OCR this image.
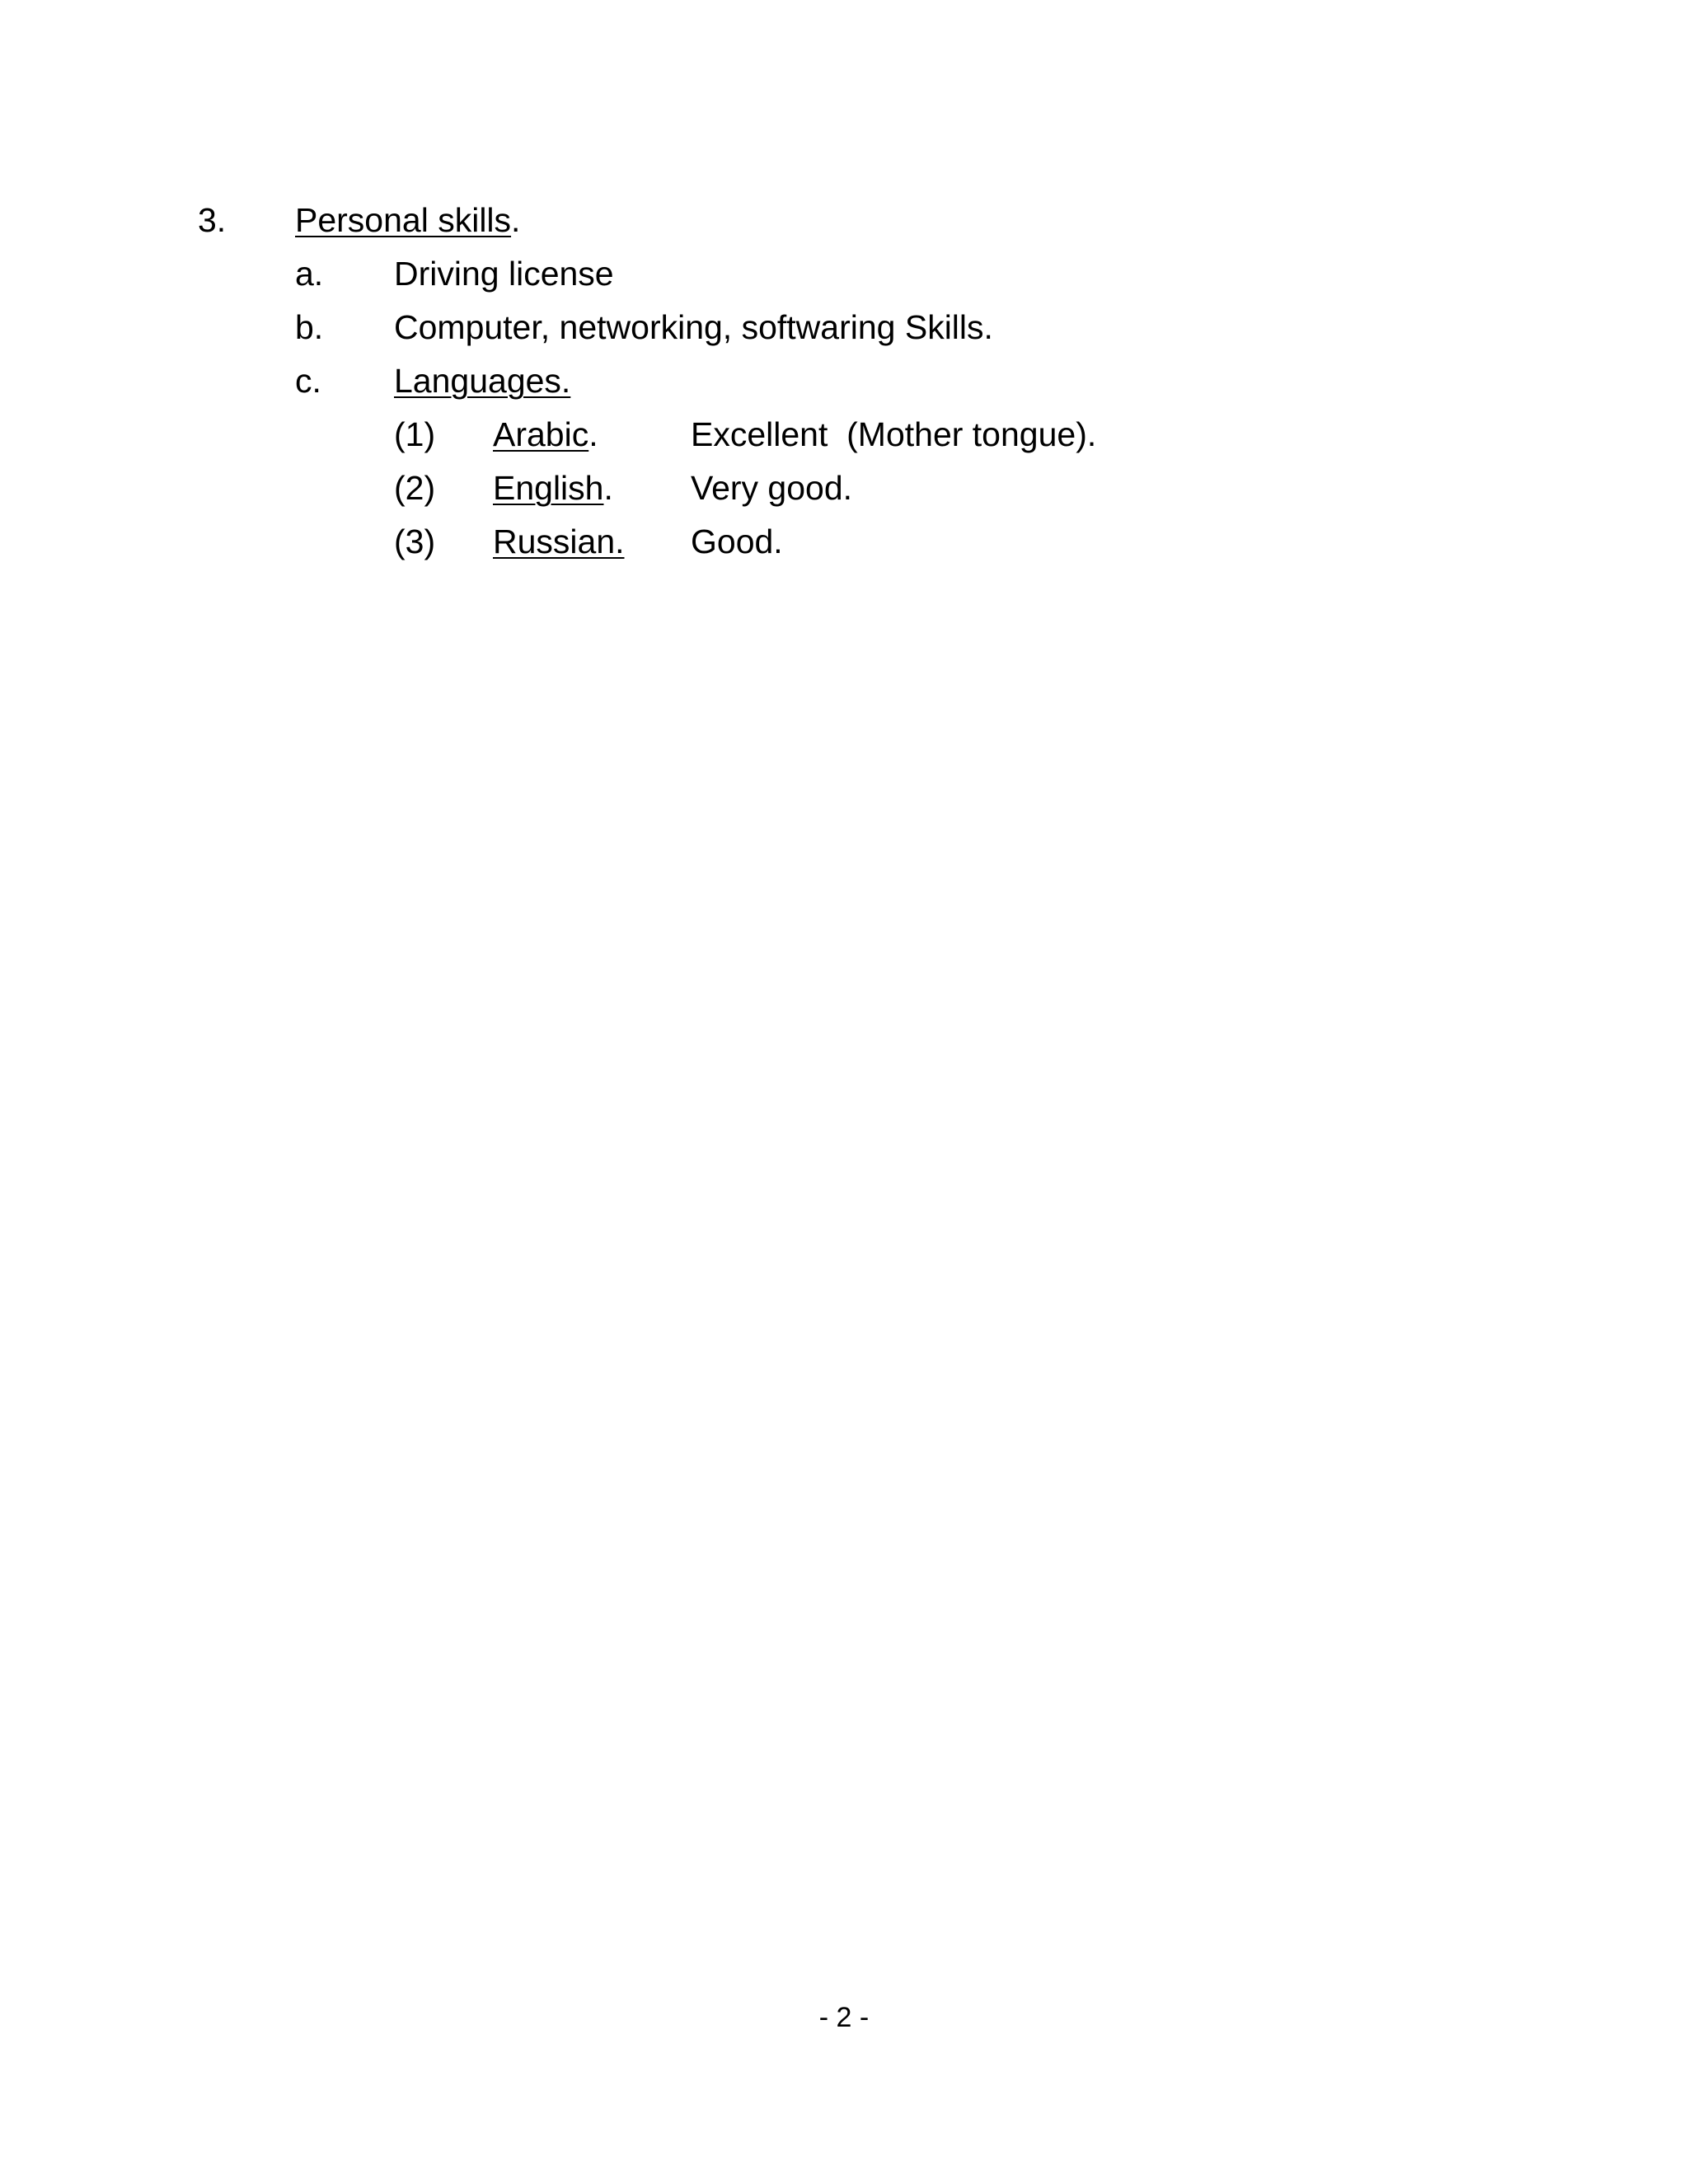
3. Personal skills.
a. Driving license
b. Computer, networking, softwaring Skills.
c. Languages.
(1) Arabic.	Excellent  (Mother tongue).
(2) English. Very good.
(3) Russian. Good.
- 2 -
